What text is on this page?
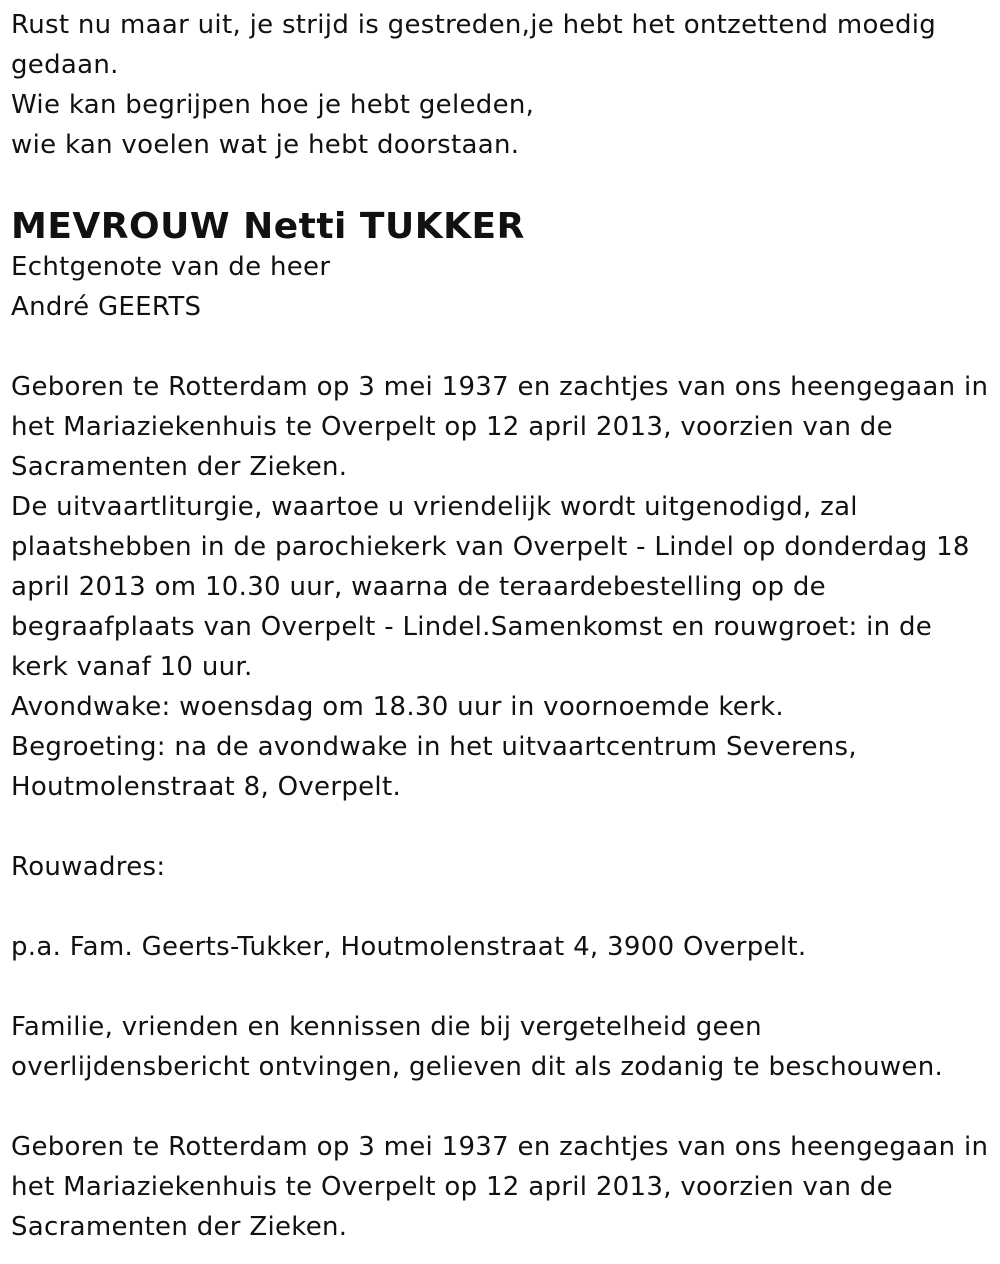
Rust nu maar uit, je strijd is gestreden,je hebt het ontzettend moedig
gedaan.
Wie kan begrijpen hoe je hebt geleden,
wie kan voelen wat je hebt doorstaan.
MEVROUW Netti TUKKER
Echtgenote van de heer
André GEERTS
Geboren te Rotterdam op 3 mei 1937 en zachtjes van ons heengegaan in
het Mariaziekenhuis te Overpelt op 12 april 2013, voorzien van de
Sacramenten der Zieken.
De uitvaartliturgie, waartoe u vriendelijk wordt uitgenodigd, zal
plaatshebben in de parochiekerk van Overpelt - Lindel op donderdag 18
april 2013 om 10.30 uur, waarna de teraardebestelling op de
begraafplaats van Overpelt - Lindel.Samenkomst en rouwgroet: in de
kerk vanaf 10 uur.
Avondwake: woensdag om 18.30 uur in voornoemde kerk.
Begroeting: na de avondwake in het uitvaartcentrum Severens,
Houtmolenstraat 8, Overpelt.
Rouwadres:
p.a. Fam. Geerts-Tukker, Houtmolenstraat 4, 3900 Overpelt.
Familie, vrienden en kennissen die bij vergetelheid geen
overlijdensbericht ontvingen, gelieven dit als zodanig te beschouwen.
Geboren te Rotterdam op 3 mei 1937 en zachtjes van ons heengegaan in
het Mariaziekenhuis te Overpelt op 12 april 2013, voorzien van de
Sacramenten der Zieken.
